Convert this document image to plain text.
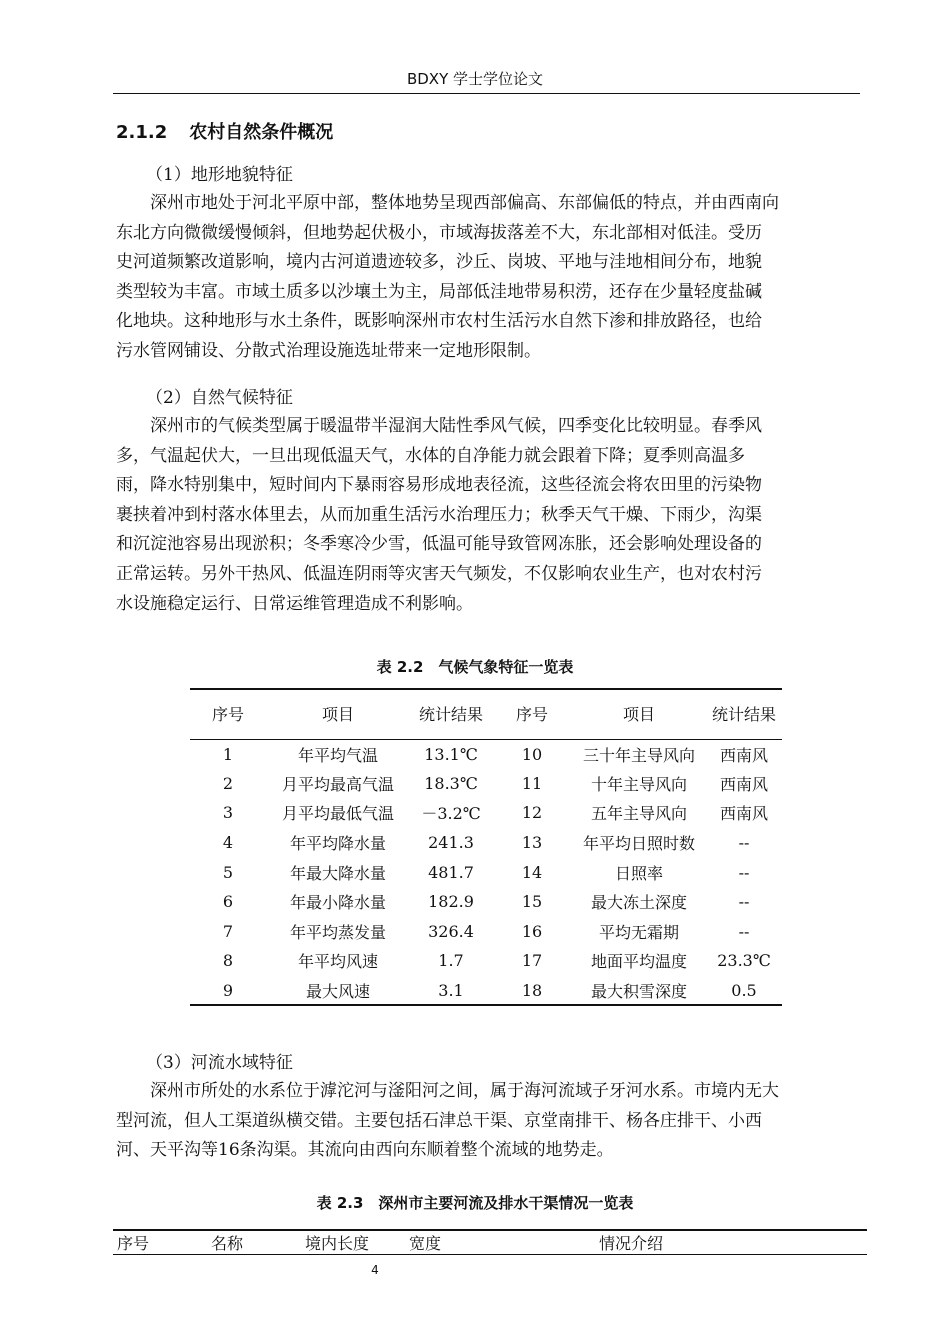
BDXY 学士学位论文
2.1.2 农村自然条件概况
（1）地形地貌特征
深州市地处于河北平原中部，整体地势呈现西部偏高、东部偏低的特点，并由西南向
东北方向微微缓慢倾斜，但地势起伏极小，市域海拔落差不大，东北部相对低洼。受历
史河道频繁改道影响，境内古河道遗迹较多，沙丘、岗坡、平地与洼地相间分布，地貌
类型较为丰富。市域土质多以沙壤土为主，局部低洼地带易积涝，还存在少量轻度盐碱
化地块。这种地形与水土条件，既影响深州市农村生活污水自然下渗和排放路径，也给
污水管网铺设、分散式治理设施选址带来一定地形限制。
（2）自然气候特征
深州市的气候类型属于暖温带半湿润大陆性季风气候，四季变化比较明显。春季风
多，气温起伏大，一旦出现低温天气，水体的自净能力就会跟着下降；夏季则高温多
雨，降水特别集中，短时间内下暴雨容易形成地表径流，这些径流会将农田里的污染物
裹挟着冲到村落水体里去，从而加重生活污水治理压力；秋季天气干燥、下雨少，沟渠
和沉淀池容易出现淤积；冬季寒冷少雪，低温可能导致管网冻胀，还会影响处理设备的
正常运转。另外干热风、低温连阴雨等灾害天气频发，不仅影响农业生产，也对农村污
水设施稳定运行、日常运维管理造成不利影响。
表 2.2　气候气象特征一览表
序号	项目	统计结果	序号	项目	统计结果
1	年平均气温	13.1℃	10	三十年主导风向	西南风
2	月平均最高气温	18.3℃	11	十年主导风向	西南风
3	月平均最低气温	－3.2℃	12	五年主导风向	西南风
4	年平均降水量	241.3	13	年平均日照时数	--
5	年最大降水量	481.7	14	日照率	--
6	年最小降水量	182.9	15	最大冻土深度	--
7	年平均蒸发量	326.4	16	平均无霜期	--
8	年平均风速	1.7	17	地面平均温度	23.3℃
9	最大风速	3.1	18	最大积雪深度	0.5
（3）河流水域特征
深州市所处的水系位于滹沱河与滏阳河之间，属于海河流域子牙河水系。市境内无大
型河流，但人工渠道纵横交错。主要包括石津总干渠、京堂南排干、杨各庄排干、小西
河、天平沟等16条沟渠。其流向由西向东顺着整个流域的地势走。
表 2.3　深州市主要河流及排水干渠情况一览表
序号	名称	境内长度	宽度	情况介绍
4
